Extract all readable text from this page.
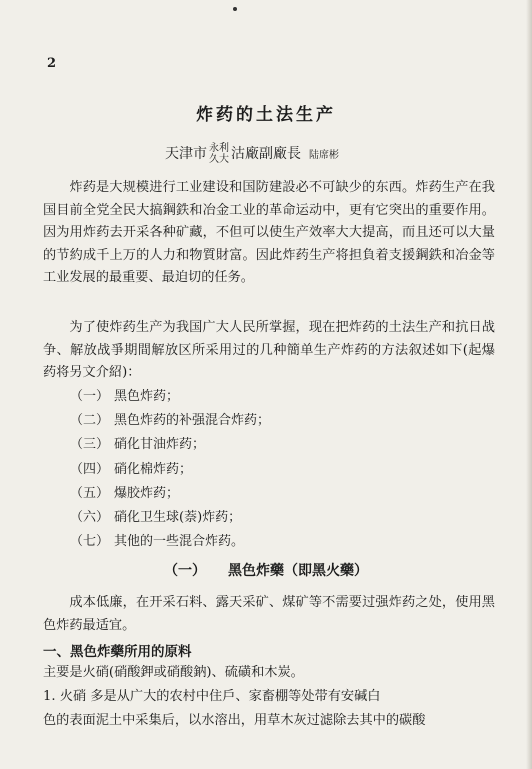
2
炸药的土法生产
天津市 永利
久大 沽廠副廠長 陆席彬

炸药是大规模进行工业建设和国防建設必不可缺少的东西。炸药生产在我国目前全党全民大搞鋼鉄和冶金工业的革命运动中，更有它突出的重要作用。因为用炸药去开采各种矿藏，不但可以使生产效率大大提高，而且还可以大量的节約成千上万的人力和物質財富。因此炸药生产将担負着支援鋼鉄和冶金等工业发展的最重要、最迫切的任务。

为了使炸药生产为我国广大人民所掌握，现在把炸药的土法生产和抗日战争、解放战爭期間解放区所采用过的几种簡单生产炸药的方法叙述如下(起爆药将另文介紹)：

（一） 黑色炸药；
（二） 黑色炸药的补强混合炸药；
（三） 硝化甘油炸药；
（四） 硝化棉炸药；
（五） 爆胶炸药；
（六） 硝化卫生球(萘)炸药；
（七） 其他的一些混合炸药。
（一） 黑色炸藥（即黑火藥）

成本低廉，在开采石料、露天采矿、煤矿等不需要过强炸药之处，使用黑色炸药最适宜。

一、黑色炸藥所用的原料

主要是火硝(硝酸鉀或硝酸鈉)、硫磺和木炭。

1. 火硝 多是从广大的农村中住戶、家畜棚等处带有安碱白

色的表面泥土中采集后，以水溶出，用草木灰过滤除去其中的碳酸
